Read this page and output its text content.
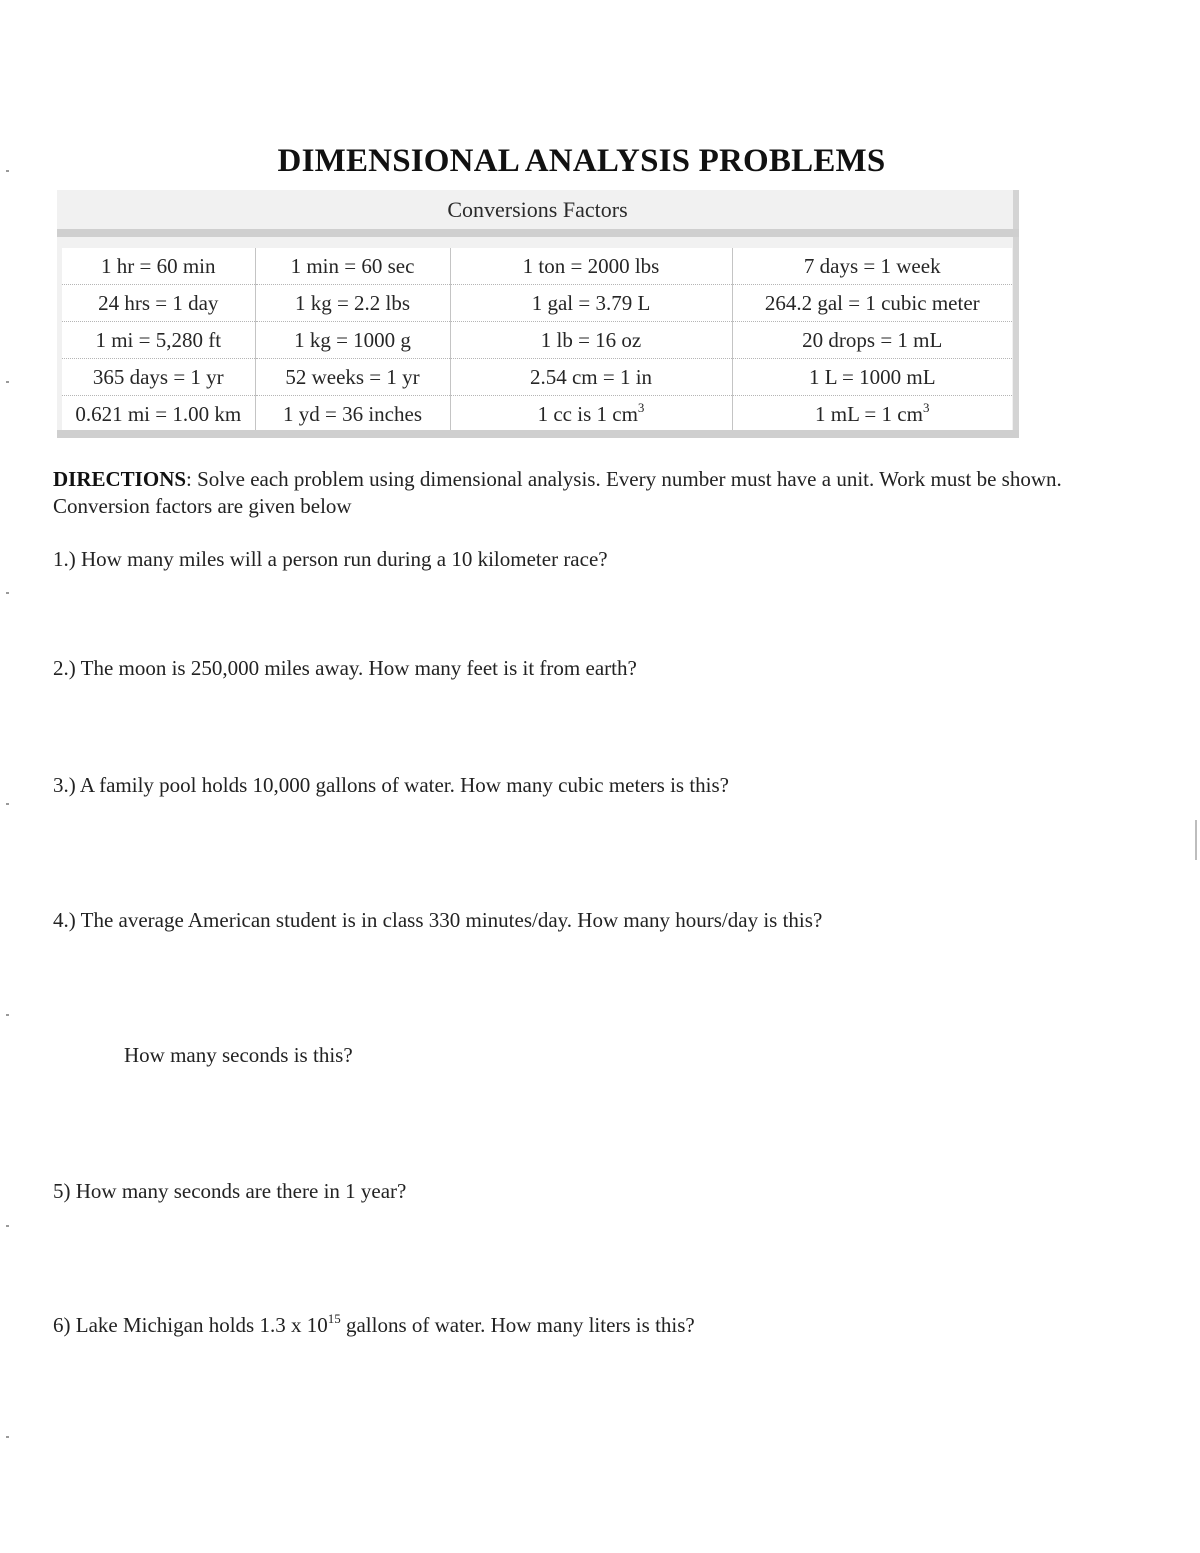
DIMENSIONAL ANALYSIS PROBLEMS
Conversions Factors
1 hr = 60 min	1 min = 60 sec	1 ton = 2000 lbs	7 days = 1 week
24 hrs = 1 day	1 kg = 2.2 lbs	1 gal = 3.79 L	264.2 gal = 1 cubic meter
1 mi = 5,280 ft	1 kg = 1000 g	1 lb = 16 oz	20 drops = 1 mL
365 days = 1 yr	52 weeks = 1 yr	2.54 cm = 1 in	1 L = 1000 mL
0.621 mi = 1.00 km	1 yd = 36 inches	1 cc is 1 $cm^3$	1 mL = 1 $cm^3$
DIRECTIONS: Solve each problem using dimensional analysis. Every number must have a unit. Work must be shown. Conversion factors are given below
1.) How many miles will a person run during a 10 kilometer race?
2.) The moon is 250,000 miles away. How many feet is it from earth?
3.) A family pool holds 10,000 gallons of water. How many cubic meters is this?
4.) The average American student is in class 330 minutes/day. How many hours/day is this?
How many seconds is this?
5) How many seconds are there in 1 year?
6) Lake Michigan holds 1.3 x $10^{15}$ gallons of water. How many liters is this?
